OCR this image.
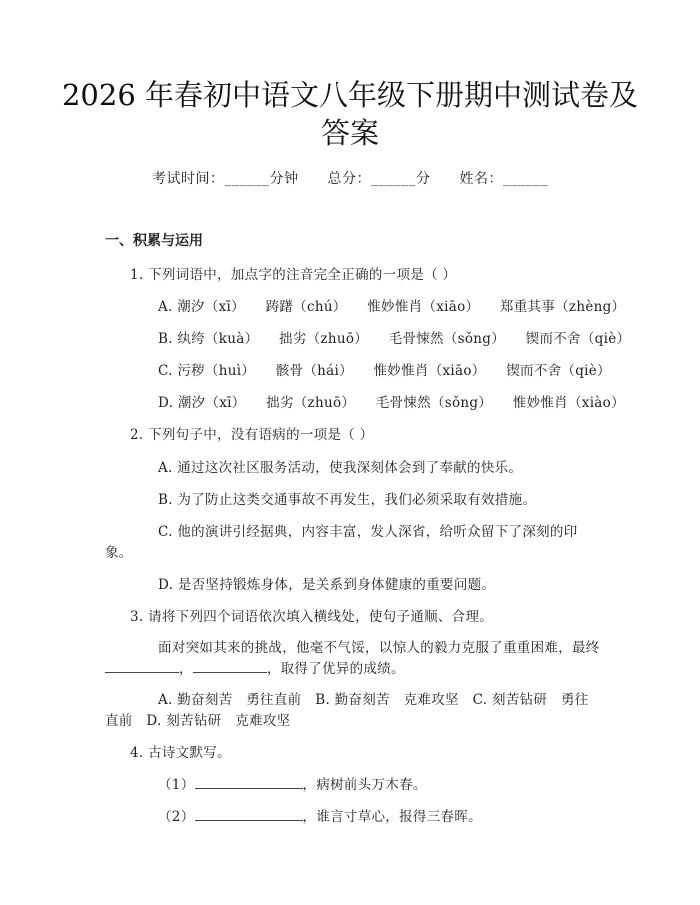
2026 年春初中语文八年级下册期中测试卷及
答案
考试时间：______分钟 总分：______分 姓名：______
一、积累与运用
1. 下列词语中，加点字的注音完全正确的一项是（ ）
A. 潮汐（xī） 踌躇（chú） 惟妙惟肖（xiāo） 郑重其事（zhèng）
B. 纨绔（kuà） 拙劣（zhuō） 毛骨悚然（sǒng） 锲而不舍（qiè）
C. 污秽（huì） 骸骨（hái） 惟妙惟肖（xiāo） 锲而不舍（qiè）
D. 潮汐（xī） 拙劣（zhuō） 毛骨悚然（sǒng） 惟妙惟肖（xiào）
2. 下列句子中，没有语病的一项是（ ）
A. 通过这次社区服务活动，使我深刻体会到了奉献的快乐。
B. 为了防止这类交通事故不再发生，我们必须采取有效措施。
C. 他的演讲引经据典，内容丰富，发人深省，给听众留下了深刻的印
象。
D. 是否坚持锻炼身体，是关系到身体健康的重要问题。
3. 请将下列四个词语依次填入横线处，使句子通顺、合理。
面对突如其来的挑战，他毫不气馁，以惊人的毅力克服了重重困难，最终
，	，取得了优异的成绩。
A. 勤奋刻苦　勇往直前　B. 勤奋刻苦　克难攻坚　C. 刻苦钻研　勇往
直前　D. 刻苦钻研　克难攻坚
4. 古诗文默写。
（1）	，病树前头万木春。
（2）	，谁言寸草心，报得三春晖。
